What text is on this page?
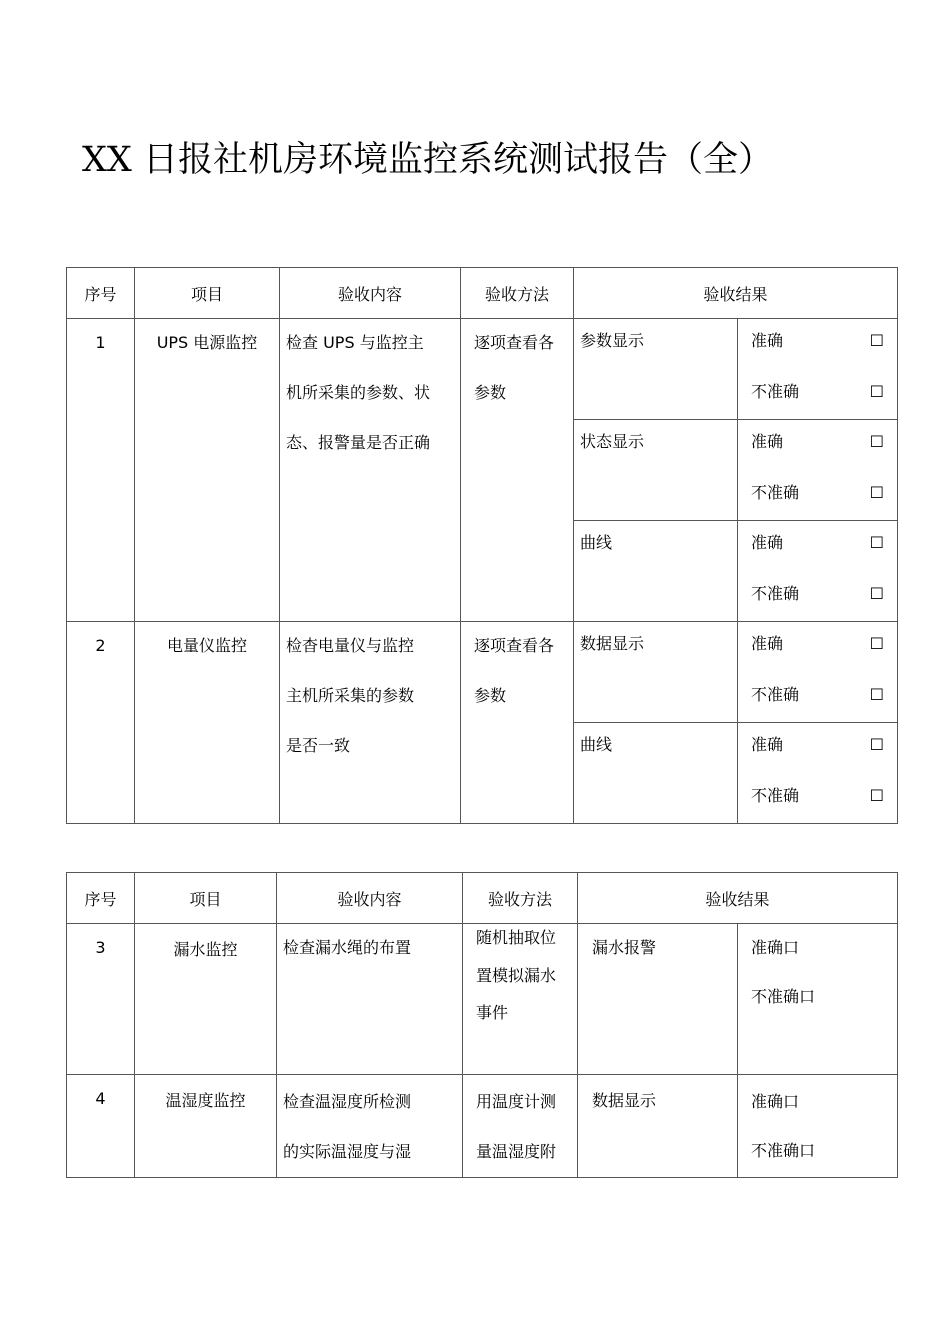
XX 日报社机房环境监控系统测试报告（全）
序号	项目	验收内容	验收方法	验收结果	
1	UPS 电源监控	检查 UPS 与监控主
机所采集的参数、状
态、报警量是否正确	逐项查看各
参数	参数显示	准确 ☐
不准确 ☐

				状态显示	准确 ☐
不准确 ☐

				曲线	准确 ☐
不准确 ☐

2	电量仪监控	检杳电量仪与监控
主机所采集的参数
是否一致	逐项查看各
参数	数据显示	准确 ☐
不准确 ☐

				曲线	准确 ☐
不准确 ☐
序号	项目	验收内容	验收方法	验收结果	
3	漏水监控	检查漏水绳的布置	随机抽取位
置模拟漏水
事件	漏水报警	准确 口
不准确 口

4	温湿度监控	检查温湿度所检测
的实际温湿度与湿	用温度计测
量温湿度附	数据显示	准确 口
不准确 口
